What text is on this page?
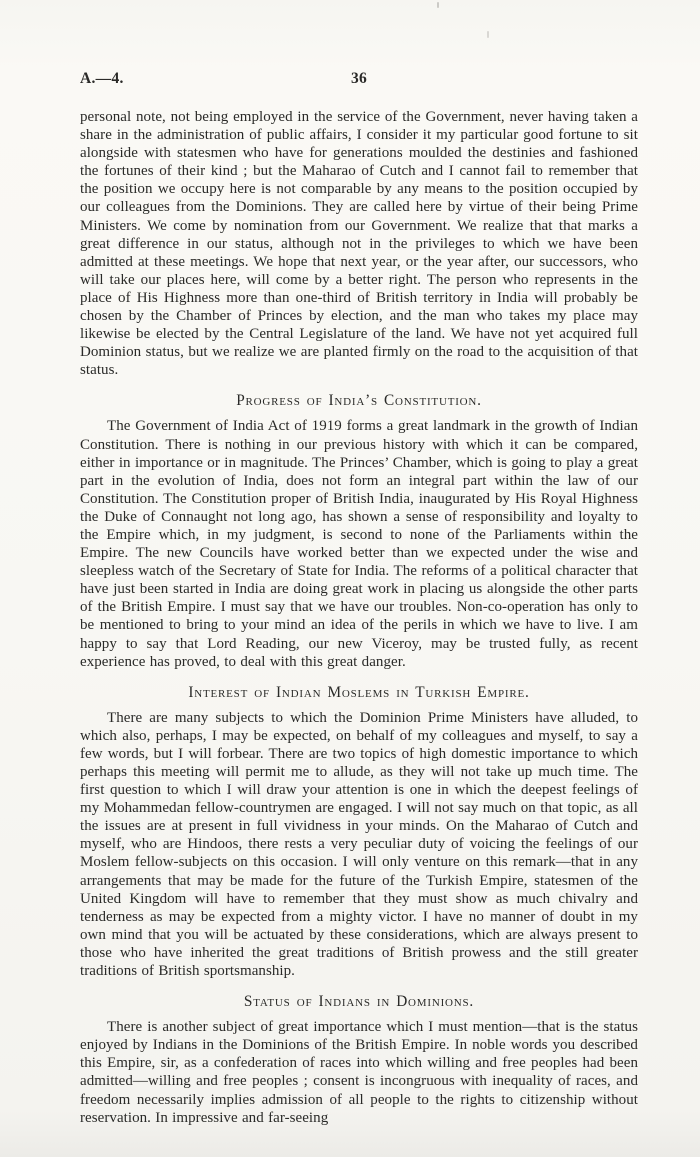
A.—4.	36

personal note, not being employed in the service of the Government, never having taken a share in the administration of public affairs, I consider it my particular good fortune to sit alongside with statesmen who have for generations moulded the destinies and fashioned the fortunes of their kind ; but the Maharao of Cutch and I cannot fail to remember that the position we occupy here is not comparable by any means to the position occupied by our colleagues from the Dominions. They are called here by virtue of their being Prime Ministers. We come by nomination from our Government. We realize that that marks a great difference in our status, although not in the privileges to which we have been admitted at these meetings. We hope that next year, or the year after, our successors, who will take our places here, will come by a better right. The person who represents in the place of His Highness more than one-third of British territory in India will probably be chosen by the Chamber of Princes by election, and the man who takes my place may likewise be elected by the Central Legislature of the land. We have not yet acquired full Dominion status, but we realize we are planted firmly on the road to the acquisition of that status.

Progress of India’s Constitution.

The Government of India Act of 1919 forms a great landmark in the growth of Indian Constitution. There is nothing in our previous history with which it can be compared, either in importance or in magnitude. The Princes’ Chamber, which is going to play a great part in the evolution of India, does not form an integral part within the law of our Constitution. The Constitution proper of British India, inaugurated by His Royal Highness the Duke of Connaught not long ago, has shown a sense of responsibility and loyalty to the Empire which, in my judgment, is second to none of the Parliaments within the Empire. The new Councils have worked better than we expected under the wise and sleepless watch of the Secretary of State for India. The reforms of a political character that have just been started in India are doing great work in placing us alongside the other parts of the British Empire. I must say that we have our troubles. Non-co-operation has only to be mentioned to bring to your mind an idea of the perils in which we have to live. I am happy to say that Lord Reading, our new Viceroy, may be trusted fully, as recent experience has proved, to deal with this great danger.

Interest of Indian Moslems in Turkish Empire.

There are many subjects to which the Dominion Prime Ministers have alluded, to which also, perhaps, I may be expected, on behalf of my colleagues and myself, to say a few words, but I will forbear. There are two topics of high domestic importance to which perhaps this meeting will permit me to allude, as they will not take up much time. The first question to which I will draw your attention is one in which the deepest feelings of my Mohammedan fellow-countrymen are engaged. I will not say much on that topic, as all the issues are at present in full vividness in your minds. On the Maharao of Cutch and myself, who are Hindoos, there rests a very peculiar duty of voicing the feelings of our Moslem fellow-subjects on this occasion. I will only venture on this remark—that in any arrangements that may be made for the future of the Turkish Empire, statesmen of the United Kingdom will have to remember that they must show as much chivalry and tenderness as may be expected from a mighty victor. I have no manner of doubt in my own mind that you will be actuated by these considerations, which are always present to those who have inherited the great traditions of British prowess and the still greater traditions of British sportsmanship.

Status of Indians in Dominions.

There is another subject of great importance which I must mention—that is the status enjoyed by Indians in the Dominions of the British Empire. In noble words you described this Empire, sir, as a confederation of races into which willing and free peoples had been admitted—willing and free peoples ; consent is incongruous with inequality of races, and freedom necessarily implies admission of all people to the rights to citizenship without reservation. In impressive and far-seeing
